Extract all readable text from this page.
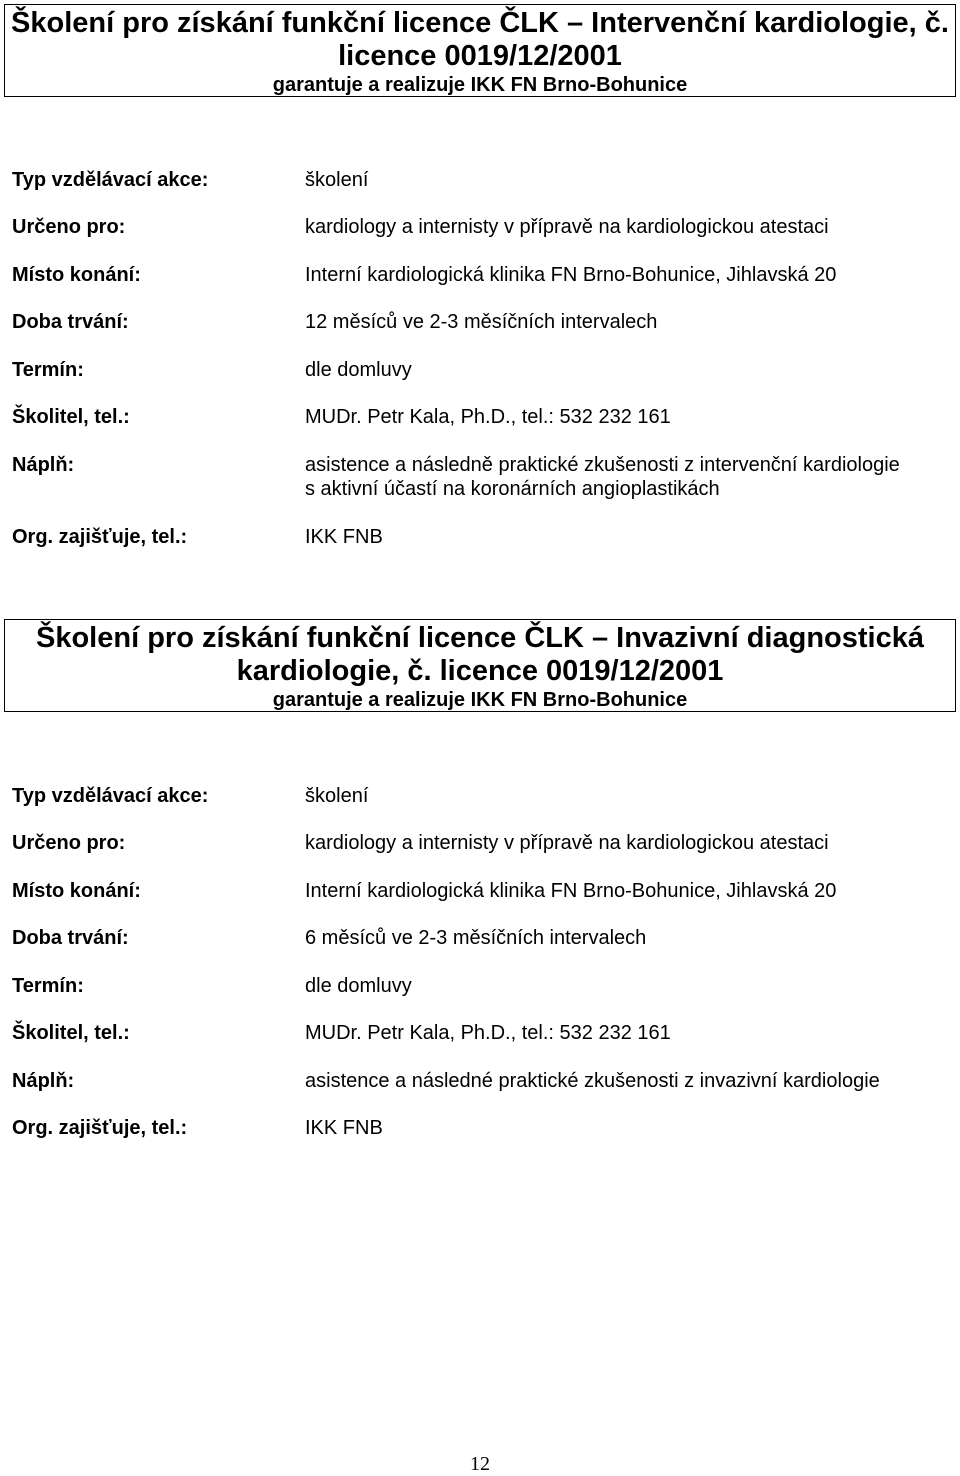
Školení pro získání funkční licence ČLK – Intervenční kardiologie, č.
licence 0019/12/2001
garantuje a realizuje IKK FN Brno-Bohunice
Typ vzdělávací akce:	školení
Určeno pro:	kardiology a internisty v přípravě na kardiologickou atestaci
Místo konání:	Interní kardiologická klinika FN Brno-Bohunice, Jihlavská 20
Doba trvání:	12 měsíců ve 2-3 měsíčních intervalech
Termín:	dle domluvy
Školitel, tel.:	MUDr. Petr Kala, Ph.D., tel.: 532 232 161
Náplň:	asistence a následně praktické zkušenosti z intervenční kardiologie
s aktivní účastí na koronárních angioplastikách
Org. zajišťuje, tel.:	IKK FNB
Školení pro získání funkční licence ČLK – Invazivní diagnostická
kardiologie, č. licence 0019/12/2001
garantuje a realizuje IKK FN Brno-Bohunice
Typ vzdělávací akce:	školení
Určeno pro:	kardiology a internisty v přípravě na kardiologickou atestaci
Místo konání:	Interní kardiologická klinika FN Brno-Bohunice, Jihlavská 20
Doba trvání:	6 měsíců ve 2-3 měsíčních intervalech
Termín:	dle domluvy
Školitel, tel.:	MUDr. Petr Kala, Ph.D., tel.: 532 232 161
Náplň:	asistence a následné praktické zkušenosti z invazivní kardiologie
Org. zajišťuje, tel.:	IKK FNB
12
